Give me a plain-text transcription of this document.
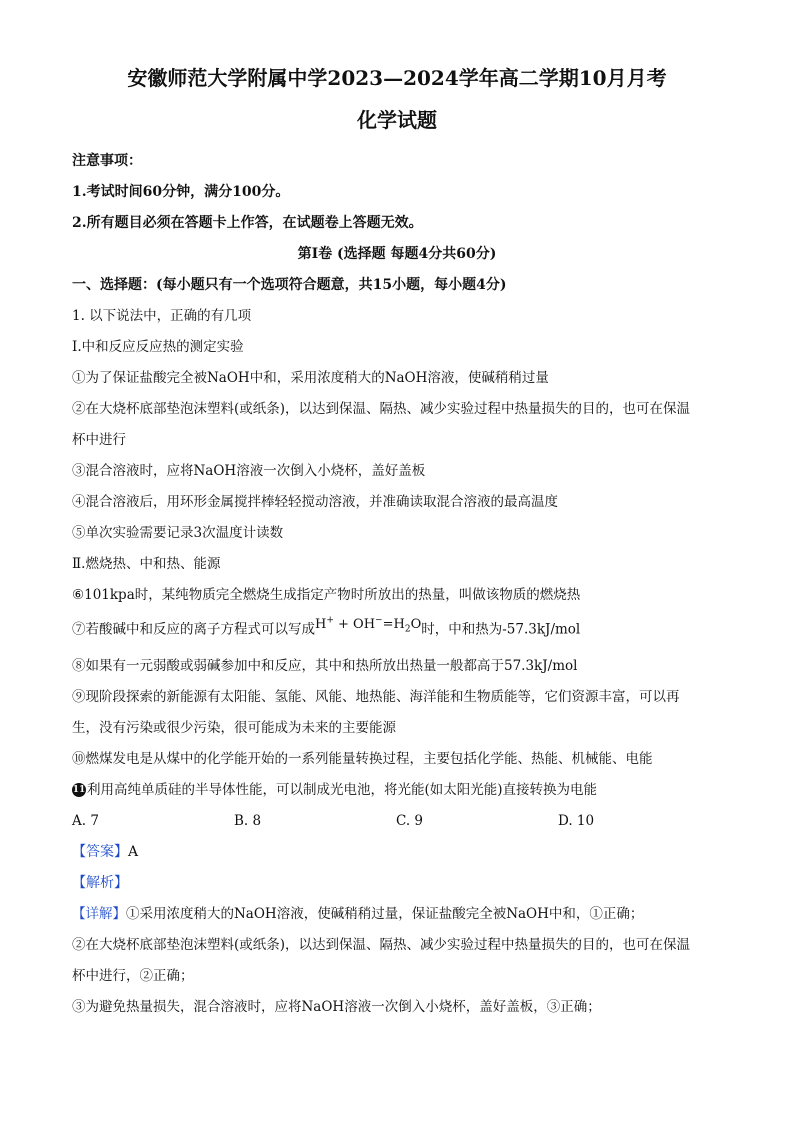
安徽师范大学附属中学2023—2024学年高二学期10月月考

化学试题

注意事项：

1.考试时间60分钟，满分100分。

2.所有题目必须在答题卡上作答，在试题卷上答题无效。

第Ⅰ卷 (选择题 每题4分共60分)

一、选择题：(每小题只有一个选项符合题意，共15小题，每小题4分)

1. 以下说法中，正确的有几项

Ⅰ.中和反应反应热的测定实验

①为了保证盐酸完全被NaOH中和，采用浓度稍大的NaOH溶液，使碱稍稍过量

②在大烧杯底部垫泡沫塑料(或纸条)，以达到保温、隔热、减少实验过程中热量损失的目的，也可在保温

杯中进行

③混合溶液时，应将NaOH溶液一次倒入小烧杯，盖好盖板

④混合溶液后，用环形金属搅拌棒轻轻搅动溶液，并准确读取混合溶液的最高温度

⑤单次实验需要记录3次温度计读数

Ⅱ.燃烧热、中和热、能源

⑥101kpa时，某纯物质完全燃烧生成指定产物时所放出的热量，叫做该物质的燃烧热

⑦若酸碱中和反应的离子方程式可以写成$H^+ + OH^-=H_2O$时，中和热为-57.3kJ/mol

⑧如果有一元弱酸或弱碱参加中和反应，其中和热所放出热量一般都高于57.3kJ/mol

⑨现阶段探索的新能源有太阳能、氢能、风能、地热能、海洋能和生物质能等，它们资源丰富，可以再

生，没有污染或很少污染，很可能成为未来的主要能源

⑩燃煤发电是从煤中的化学能开始的一系列能量转换过程，主要包括化学能、热能、机械能、电能

11 利用高纯单质硅的半导体性能，可以制成光电池，将光能(如太阳光能)直接转换为电能

A. 7	B. 8	C. 9	D. 10

【答案】A

【解析】

【详解】①采用浓度稍大的NaOH溶液，使碱稍稍过量，保证盐酸完全被NaOH中和，①正确；

②在大烧杯底部垫泡沫塑料(或纸条)，以达到保温、隔热、减少实验过程中热量损失的目的，也可在保温

杯中进行，②正确；

③为避免热量损失，混合溶液时，应将NaOH溶液一次倒入小烧杯，盖好盖板，③正确；
